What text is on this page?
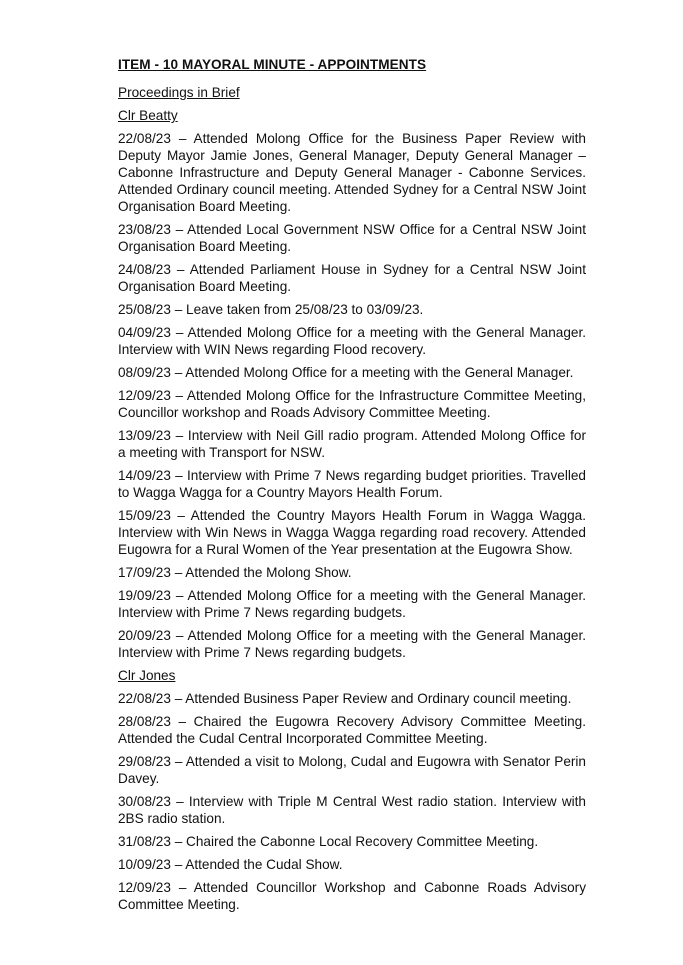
ITEM - 10 MAYORAL MINUTE - APPOINTMENTS
Proceedings in Brief
Clr Beatty
22/08/23 – Attended Molong Office for the Business Paper Review with Deputy Mayor Jamie Jones, General Manager, Deputy General Manager – Cabonne Infrastructure and Deputy General Manager - Cabonne Services. Attended Ordinary council meeting. Attended Sydney for a Central NSW Joint Organisation Board Meeting.
23/08/23 – Attended Local Government NSW Office for a Central NSW Joint Organisation Board Meeting.
24/08/23 – Attended Parliament House in Sydney for a Central NSW Joint Organisation Board Meeting.
25/08/23 – Leave taken from 25/08/23 to 03/09/23.
04/09/23 – Attended Molong Office for a meeting with the General Manager. Interview with WIN News regarding Flood recovery.
08/09/23 – Attended Molong Office for a meeting with the General Manager.
12/09/23 – Attended Molong Office for the Infrastructure Committee Meeting, Councillor workshop and Roads Advisory Committee Meeting.
13/09/23 – Interview with Neil Gill radio program. Attended Molong Office for a meeting with Transport for NSW.
14/09/23 – Interview with Prime 7 News regarding budget priorities. Travelled to Wagga Wagga for a Country Mayors Health Forum.
15/09/23 – Attended the Country Mayors Health Forum in Wagga Wagga. Interview with Win News in Wagga Wagga regarding road recovery. Attended Eugowra for a Rural Women of the Year presentation at the Eugowra Show.
17/09/23 – Attended the Molong Show.
19/09/23 – Attended Molong Office for a meeting with the General Manager. Interview with Prime 7 News regarding budgets.
20/09/23 – Attended Molong Office for a meeting with the General Manager. Interview with Prime 7 News regarding budgets.
Clr Jones
22/08/23 – Attended Business Paper Review and Ordinary council meeting.
28/08/23 – Chaired the Eugowra Recovery Advisory Committee Meeting. Attended the Cudal Central Incorporated Committee Meeting.
29/08/23 – Attended a visit to Molong, Cudal and Eugowra with Senator Perin Davey.
30/08/23 – Interview with Triple M Central West radio station. Interview with 2BS radio station.
31/08/23 – Chaired the Cabonne Local Recovery Committee Meeting.
10/09/23 – Attended the Cudal Show.
12/09/23 – Attended Councillor Workshop and Cabonne Roads Advisory Committee Meeting.
